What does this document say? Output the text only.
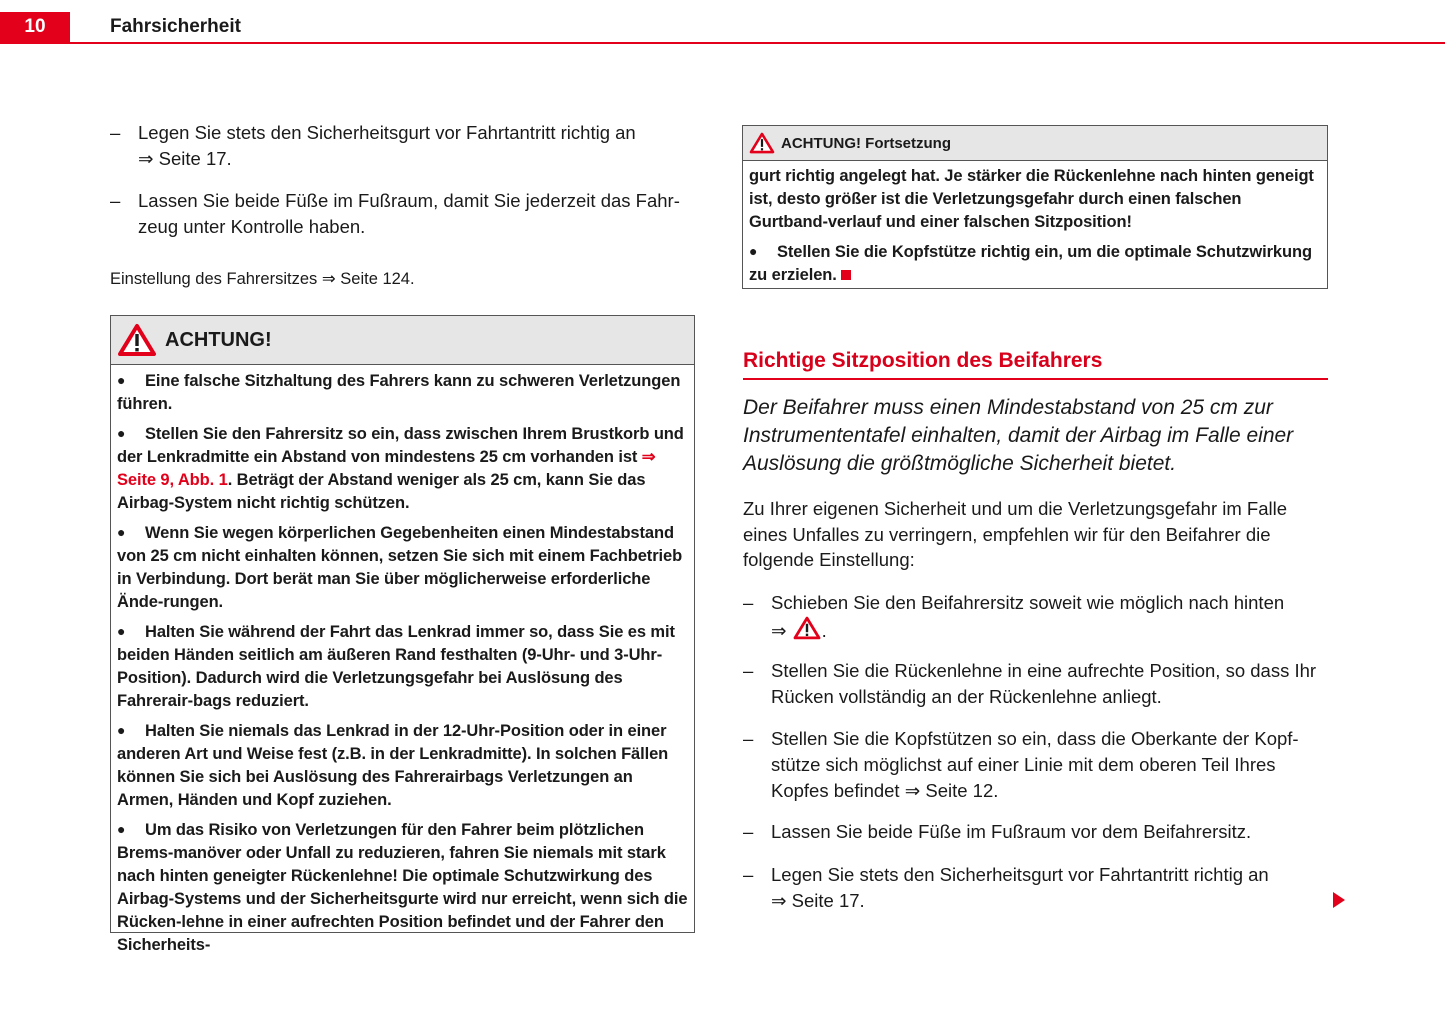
10	Fahrsicherheit
– Legen Sie stets den Sicherheitsgurt vor Fahrtantritt richtig an
⇒ Seite 17.
– Lassen Sie beide Füße im Fußraum, damit Sie jederzeit das Fahr-
zeug unter Kontrolle haben.
Einstellung des Fahrersitzes ⇒ Seite 124.
ACHTUNG!

● Eine falsche Sitzhaltung des Fahrers kann zu schweren Verletzungen führen.

● Stellen Sie den Fahrersitz so ein, dass zwischen Ihrem Brustkorb und der Lenkradmitte ein Abstand von mindestens 25 cm vorhanden ist ⇒ Seite 9, Abb. 1. Beträgt der Abstand weniger als 25 cm, kann Sie das Airbag-System nicht richtig schützen.

● Wenn Sie wegen körperlichen Gegebenheiten einen Mindestabstand von 25 cm nicht einhalten können, setzen Sie sich mit einem Fachbetrieb in Verbindung. Dort berät man Sie über möglicherweise erforderliche Ände-rungen.

● Halten Sie während der Fahrt das Lenkrad immer so, dass Sie es mit beiden Händen seitlich am äußeren Rand festhalten (9-Uhr- und 3-Uhr-Position). Dadurch wird die Verletzungsgefahr bei Auslösung des Fahrerair-bags reduziert.

● Halten Sie niemals das Lenkrad in der 12-Uhr-Position oder in einer anderen Art und Weise fest (z.B. in der Lenkradmitte). In solchen Fällen können Sie sich bei Auslösung des Fahrerairbags Verletzungen an Armen, Händen und Kopf zuziehen.

● Um das Risiko von Verletzungen für den Fahrer beim plötzlichen Brems-manöver oder Unfall zu reduzieren, fahren Sie niemals mit stark nach hinten geneigter Rückenlehne! Die optimale Schutzwirkung des Airbag-Systems und der Sicherheitsgurte wird nur erreicht, wenn sich die Rücken-lehne in einer aufrechten Position befindet und der Fahrer den Sicherheits-

ACHTUNG! Fortsetzung

gurt richtig angelegt hat. Je stärker die Rückenlehne nach hinten geneigt ist, desto größer ist die Verletzungsgefahr durch einen falschen Gurtband-verlauf und einer falschen Sitzposition!

● Stellen Sie die Kopfstütze richtig ein, um die optimale Schutzwirkung zu erzielen.

Richtige Sitzposition des Beifahrers
Der Beifahrer muss einen Mindestabstand von 25 cm zur Instrumententafel einhalten, damit der Airbag im Falle einer Auslösung die größtmögliche Sicherheit bietet.
Zu Ihrer eigenen Sicherheit und um die Verletzungsgefahr im Falle eines Unfalles zu verringern, empfehlen wir für den Beifahrer die folgende Einstellung:
– Schieben Sie den Beifahrersitz soweit wie möglich nach hinten
⇒ .
– Stellen Sie die Rückenlehne in eine aufrechte Position, so dass Ihr Rücken vollständig an der Rückenlehne anliegt.
– Stellen Sie die Kopfstützen so ein, dass die Oberkante der Kopf-stütze sich möglichst auf einer Linie mit dem oberen Teil Ihres Kopfes befindet ⇒ Seite 12.
– Lassen Sie beide Füße im Fußraum vor dem Beifahrersitz.
– Legen Sie stets den Sicherheitsgurt vor Fahrtantritt richtig an
⇒ Seite 17.
